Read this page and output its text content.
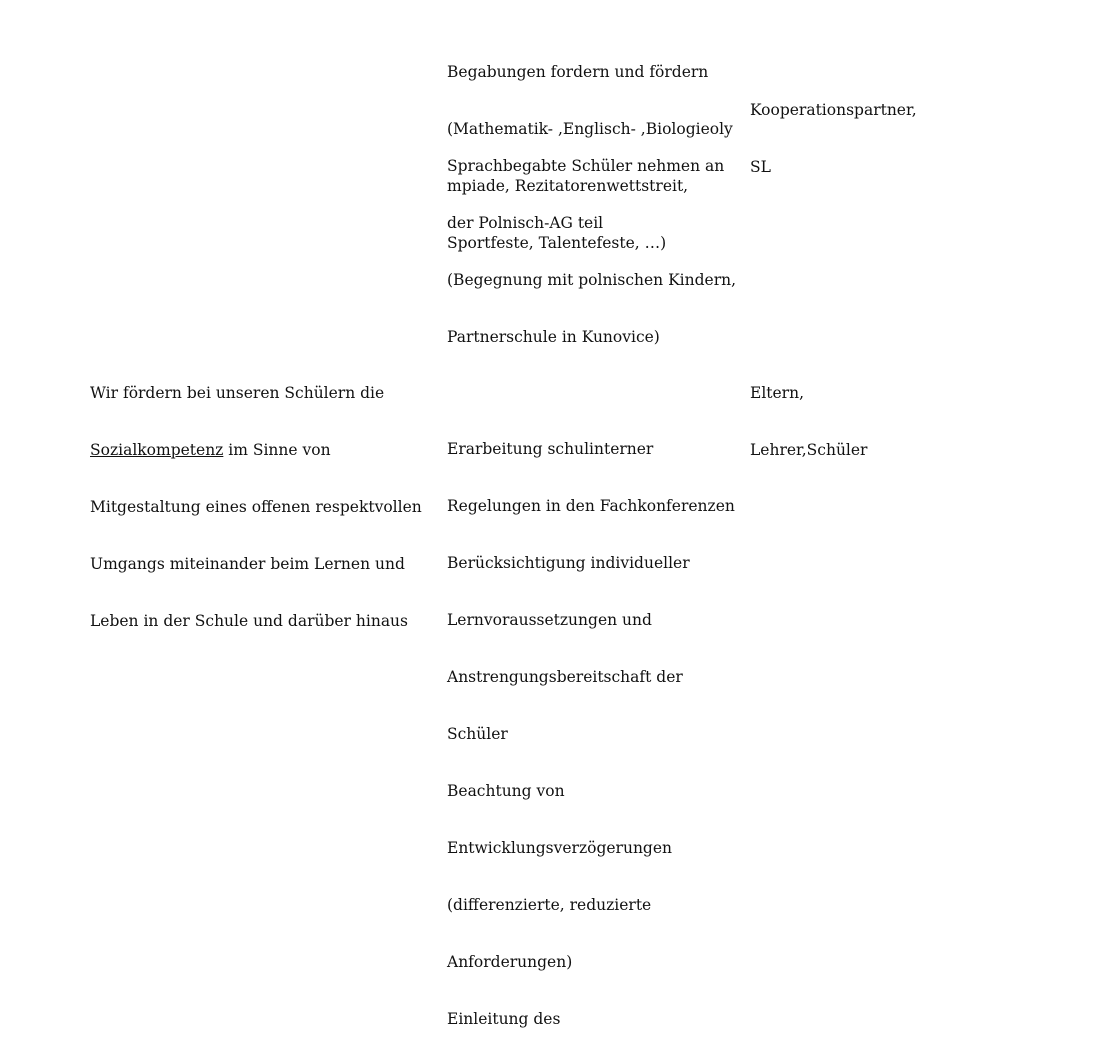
Begabungen fordern und fördern

(Mathematik- ,Englisch- ,Biologieoly

mpiade, Rezitatorenwettstreit,

Sportfeste, Talentefeste, …)

Kooperationspartner,

SL

Sprachbegabte Schüler nehmen an

der Polnisch-AG teil

(Begegnung mit polnischen Kindern,

Partnerschule in Kunovice)

Wir fördern bei unseren Schülern die

Sozialkompetenz im Sinne von

Mitgestaltung eines offenen respektvollen

Umgangs miteinander beim Lernen und

Leben in der Schule und darüber hinaus

Eltern,

Lehrer,Schüler

Erarbeitung schulinterner

Regelungen in den Fachkonferenzen

Berücksichtigung individueller

Lernvoraussetzungen und

Anstrengungsbereitschaft der

Schüler

Beachtung von

Entwicklungsverzögerungen

(differenzierte, reduzierte

Anforderungen)

Einleitung des
